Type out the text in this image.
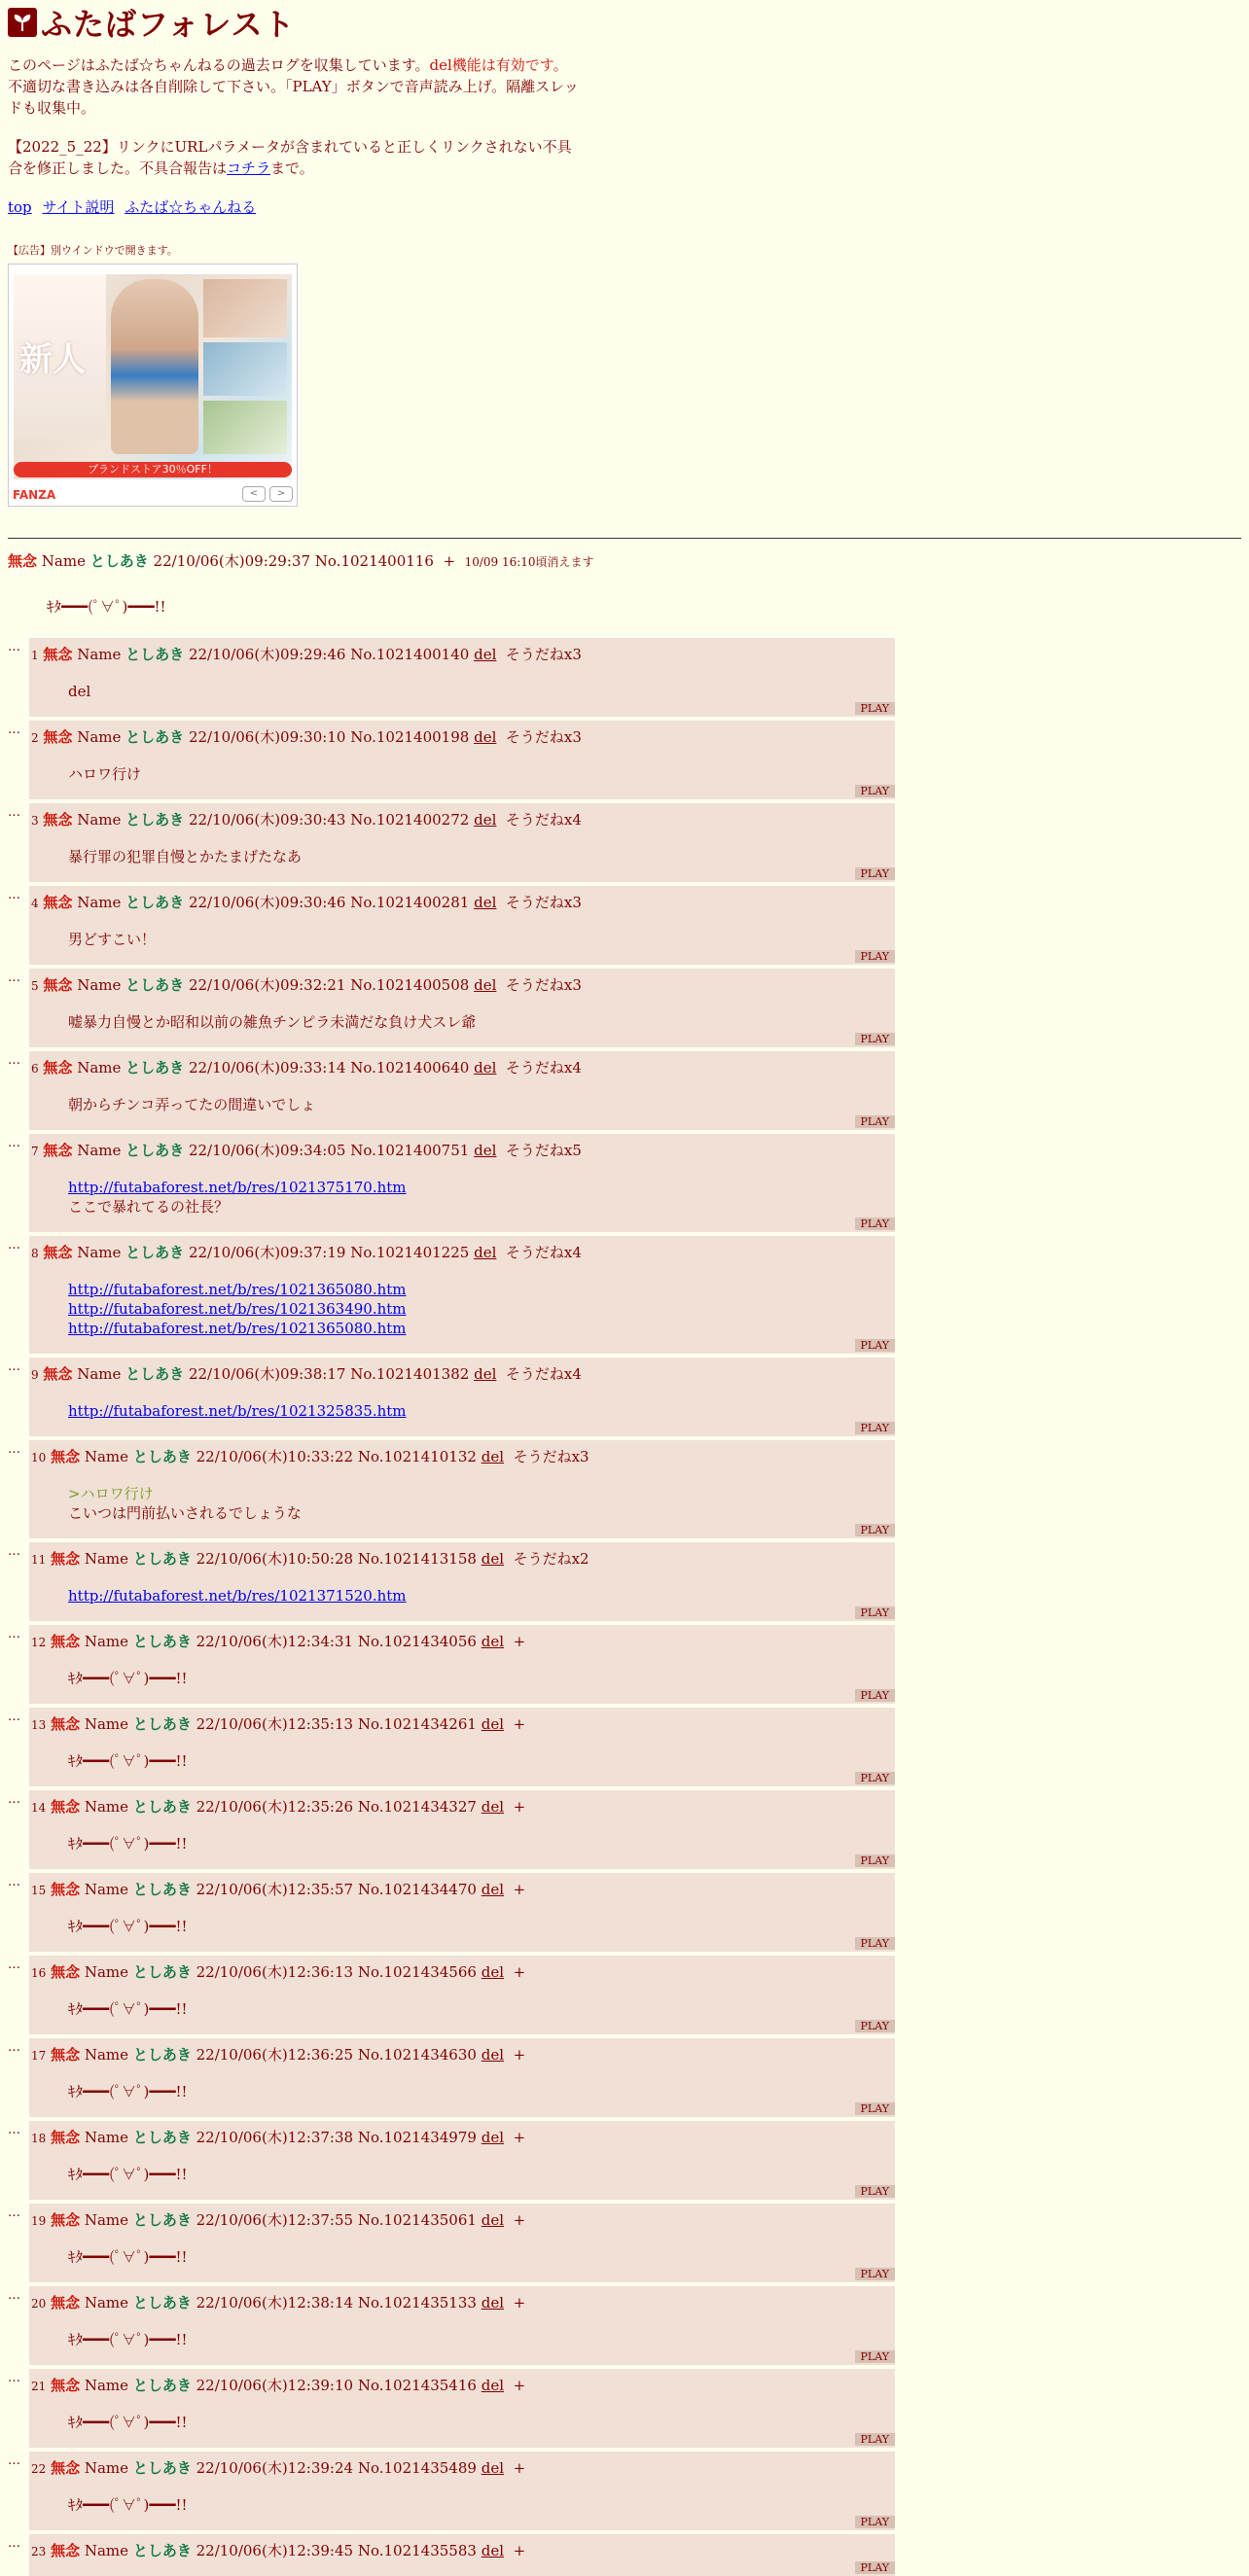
ふたばフォレスト
このページはふたば☆ちゃんねるの過去ログを収集しています。del機能は有効です。不適切な書き込みは各自削除して下さい。「PLAY」ボタンで音声読み上げ。隔離スレッドも収集中。
【2022_5_22】リンクにURLパラメータが含まれていると正しくリンクされない不具合を修正しました。不具合報告はコチラまで。
top サイト説明 ふたば☆ちゃんねる
【広告】別ウインドウで開きます。
新人
ブランドストア30％OFF！
FANZA	<	>
無念 Name としあき 22/10/06(木)09:29:37 No.1021400116 + 10/09 16:10頃消えます
ｷﾀ━━━(ﾟ∀ﾟ)━━━!!
…
1 無念 Name としあき 22/10/06(木)09:29:46 No.1021400140 del そうだねx3
del
PLAY
…
2 無念 Name としあき 22/10/06(木)09:30:10 No.1021400198 del そうだねx3
ハロワ行け
PLAY
…
3 無念 Name としあき 22/10/06(木)09:30:43 No.1021400272 del そうだねx4
暴行罪の犯罪自慢とかたまげたなあ
PLAY
…
4 無念 Name としあき 22/10/06(木)09:30:46 No.1021400281 del そうだねx3
男どすこい！
PLAY
…
5 無念 Name としあき 22/10/06(木)09:32:21 No.1021400508 del そうだねx3
嘘暴力自慢とか昭和以前の雑魚チンピラ未満だな負け犬スレ爺
PLAY
…
6 無念 Name としあき 22/10/06(木)09:33:14 No.1021400640 del そうだねx4
朝からチンコ弄ってたの間違いでしょ
PLAY
…
7 無念 Name としあき 22/10/06(木)09:34:05 No.1021400751 del そうだねx5
http://futabaforest.net/b/res/1021375170.htm

ここで暴れてるの社長？
PLAY
…
8 無念 Name としあき 22/10/06(木)09:37:19 No.1021401225 del そうだねx4
http://futabaforest.net/b/res/1021365080.htm
http://futabaforest.net/b/res/1021363490.htm
http://futabaforest.net/b/res/1021365080.htm

PLAY
…
9 無念 Name としあき 22/10/06(木)09:38:17 No.1021401382 del そうだねx4
http://futabaforest.net/b/res/1021325835.htm

PLAY
…
10 無念 Name としあき 22/10/06(木)10:33:22 No.1021410132 del そうだねx3
>ハロワ行け
こいつは門前払いされるでしょうな
PLAY
…
11 無念 Name としあき 22/10/06(木)10:50:28 No.1021413158 del そうだねx2
http://futabaforest.net/b/res/1021371520.htm

PLAY
…
12 無念 Name としあき 22/10/06(木)12:34:31 No.1021434056 del +
ｷﾀ━━━(ﾟ∀ﾟ)━━━!!
PLAY
…
13 無念 Name としあき 22/10/06(木)12:35:13 No.1021434261 del +
ｷﾀ━━━(ﾟ∀ﾟ)━━━!!
PLAY
…
14 無念 Name としあき 22/10/06(木)12:35:26 No.1021434327 del +
ｷﾀ━━━(ﾟ∀ﾟ)━━━!!
PLAY
…
15 無念 Name としあき 22/10/06(木)12:35:57 No.1021434470 del +
ｷﾀ━━━(ﾟ∀ﾟ)━━━!!
PLAY
…
16 無念 Name としあき 22/10/06(木)12:36:13 No.1021434566 del +
ｷﾀ━━━(ﾟ∀ﾟ)━━━!!
PLAY
…
17 無念 Name としあき 22/10/06(木)12:36:25 No.1021434630 del +
ｷﾀ━━━(ﾟ∀ﾟ)━━━!!
PLAY
…
18 無念 Name としあき 22/10/06(木)12:37:38 No.1021434979 del +
ｷﾀ━━━(ﾟ∀ﾟ)━━━!!
PLAY
…
19 無念 Name としあき 22/10/06(木)12:37:55 No.1021435061 del +
ｷﾀ━━━(ﾟ∀ﾟ)━━━!!
PLAY
…
20 無念 Name としあき 22/10/06(木)12:38:14 No.1021435133 del +
ｷﾀ━━━(ﾟ∀ﾟ)━━━!!
PLAY
…
21 無念 Name としあき 22/10/06(木)12:39:10 No.1021435416 del +
ｷﾀ━━━(ﾟ∀ﾟ)━━━!!
PLAY
…
22 無念 Name としあき 22/10/06(木)12:39:24 No.1021435489 del +
ｷﾀ━━━(ﾟ∀ﾟ)━━━!!
PLAY
…
23 無念 Name としあき 22/10/06(木)12:39:45 No.1021435583 del +
PLAY
